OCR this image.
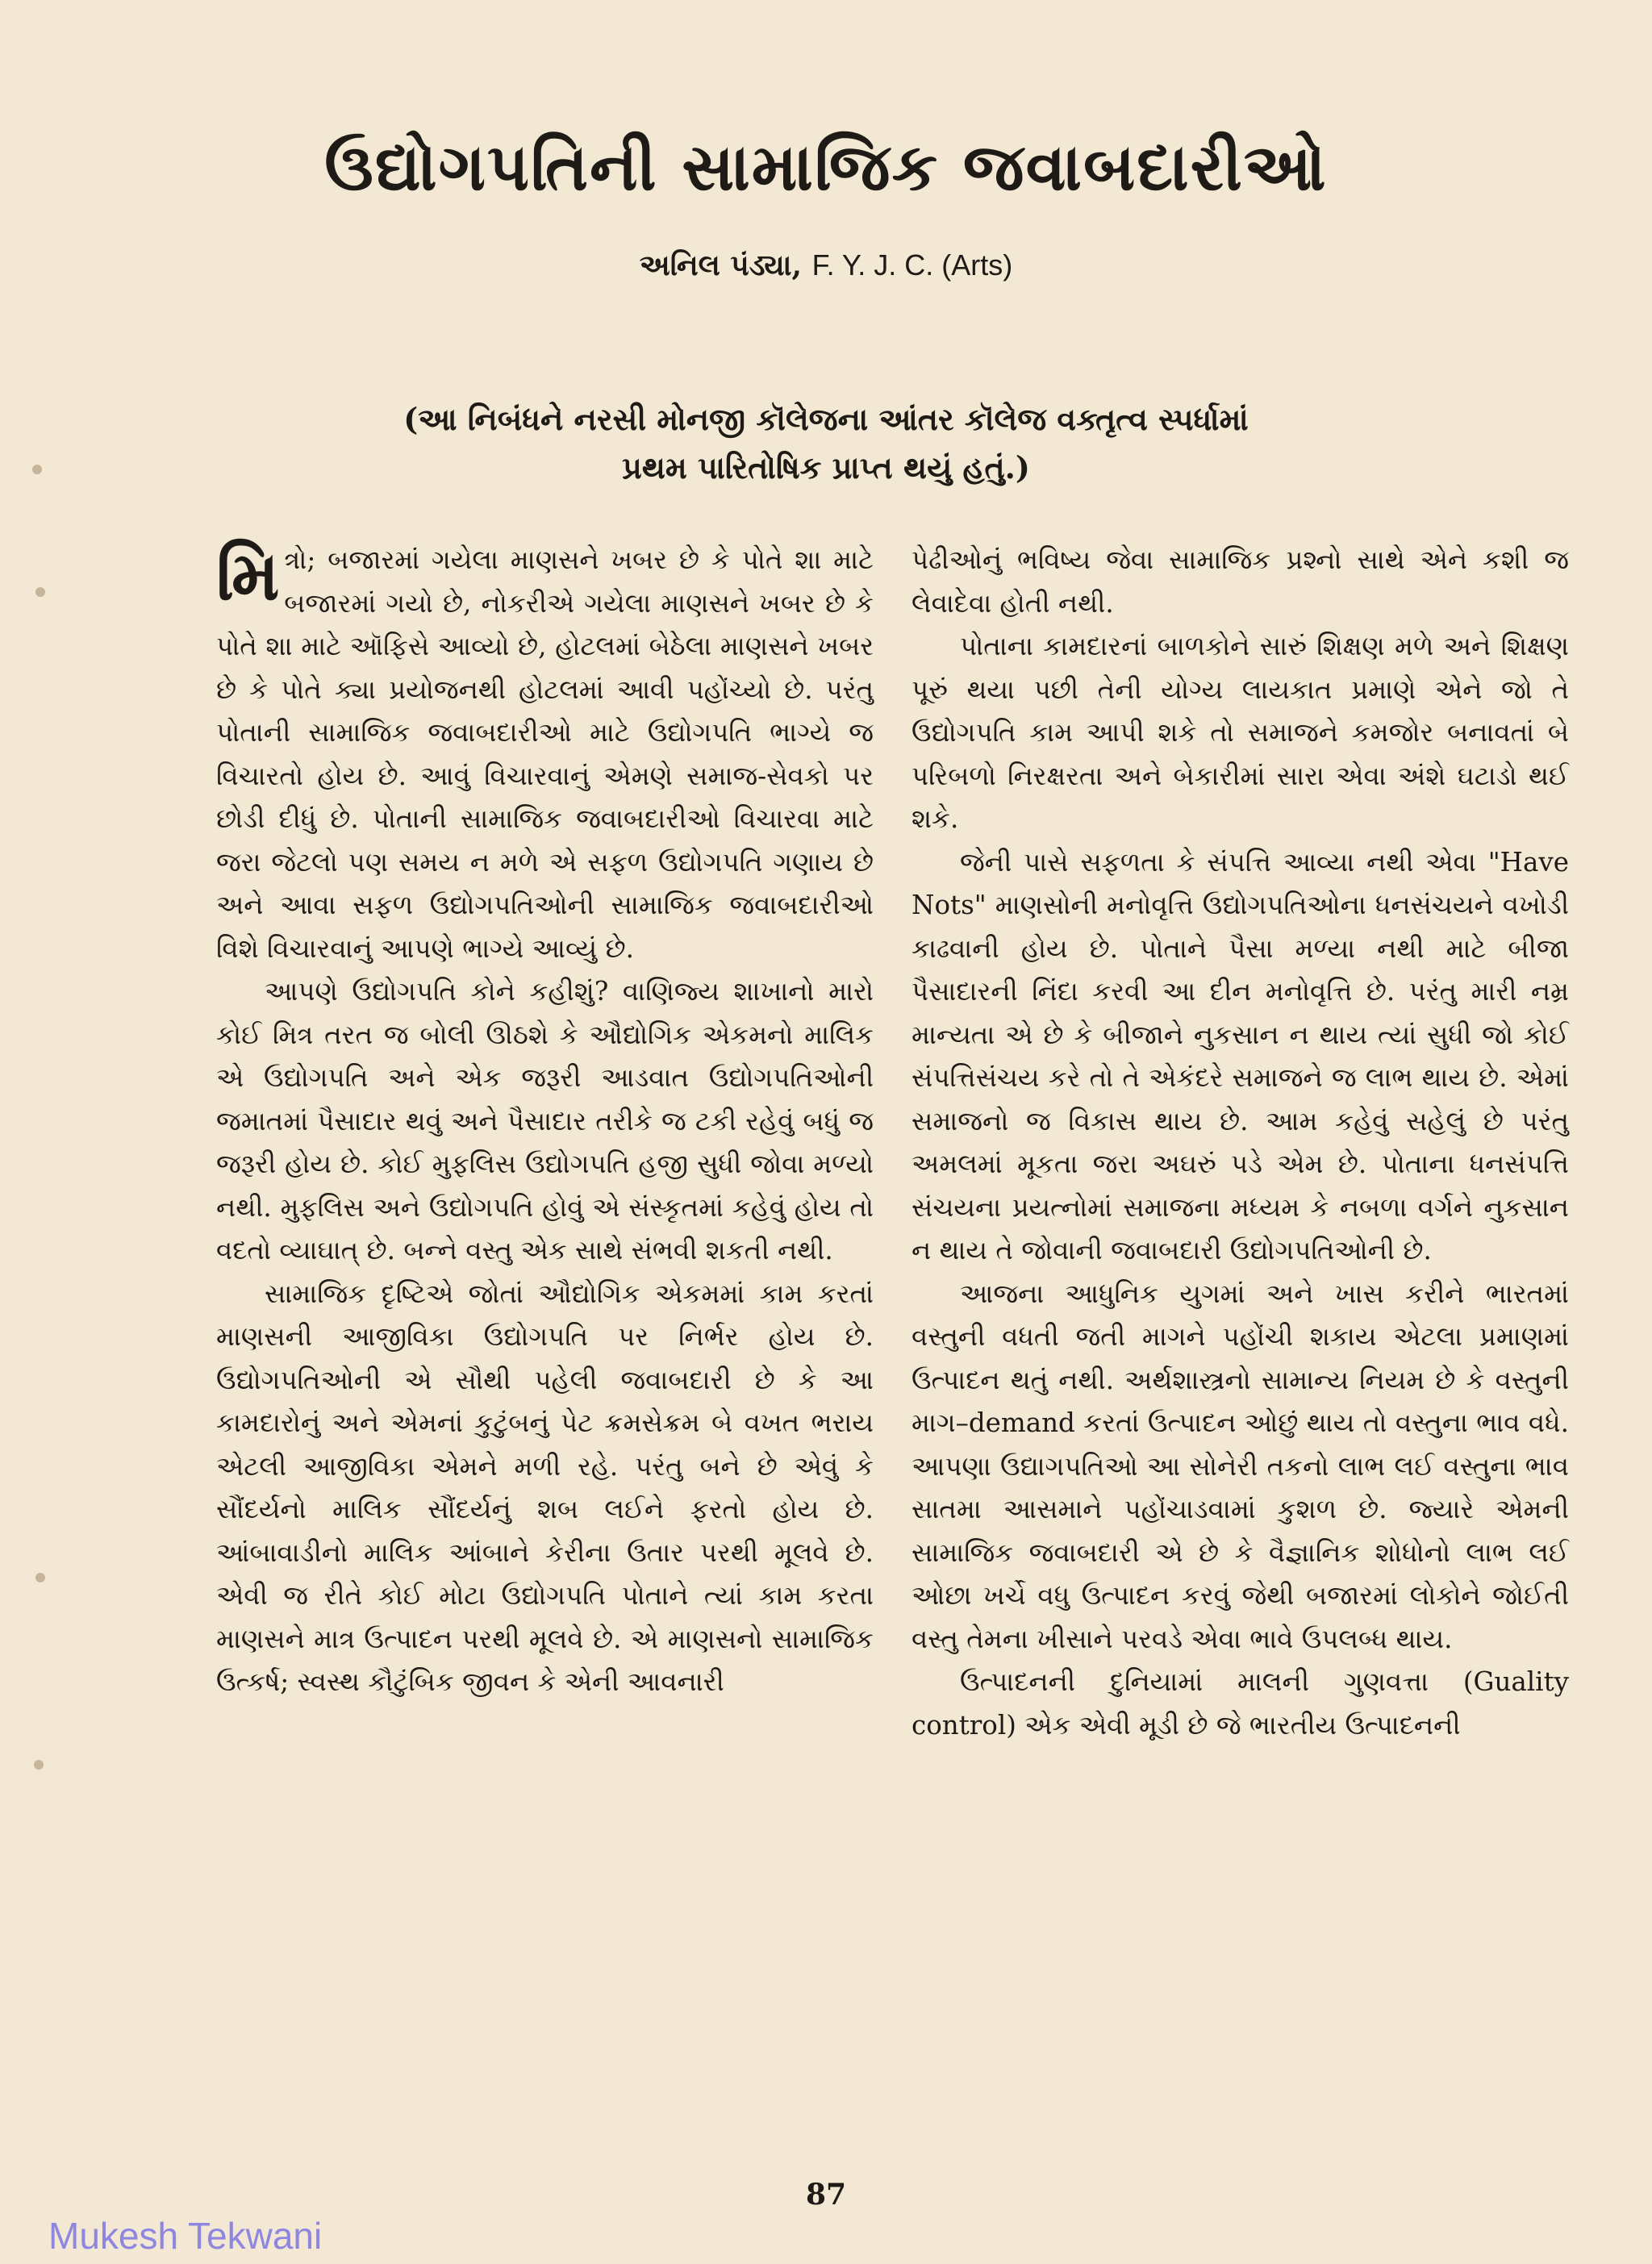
ઉદ્યોગપતિની સામાજિક જવાબદારીઓ
અનિલ પંડ્યા, F. Y. J. C. (Arts)
(આ નિબંધને નરસી મોનજી કૉલેજના આંતર કૉલેજ વક્તૃત્વ સ્પર્ધામાં
પ્રથમ પારિતોષિક પ્રાપ્ત થયું હતું.)

મિત્રો; બજારમાં ગયેલા માણસને ખબર છે કે પોતે શા માટે બજારમાં ગયો છે, નોકરીએ ગયેલા માણસને ખબર છે કે પોતે શા માટે ઑફિસે આવ્યો છે, હોટલમાં બેઠેલા માણસને ખબર છે કે પોતે ક્યા પ્રયોજનથી હોટલમાં આવી પહોંચ્યો છે. પરંતુ પોતાની સામાજિક જવાબદારીઓ માટે ઉદ્યોગપતિ ભાગ્યે જ વિચારતો હોય છે. આવું વિચારવાનું એમણે સમાજ-સેવકો પર છોડી દીધું છે. પોતાની સામાજિક જવાબદારીઓ વિચારવા માટે જરા જેટલો પણ સમય ન મળે એ સફળ ઉદ્યોગપતિ ગણાય છે અને આવા સફળ ઉદ્યોગપતિઓની સામાજિક જવાબદારીઓ વિશે વિચારવાનું આપણે ભાગ્યે આવ્યું છે.

આપણે ઉદ્યોગપતિ કોને કહીશું? વાણિજ્ય શાખાનો મારો કોઈ મિત્ર તરત જ બોલી ઊઠશે કે ઔદ્યોગિક એકમનો માલિક એ ઉદ્યોગપતિ અને એક જરૂરી આડવાત ઉદ્યોગપતિઓની જમાતમાં પૈસાદાર થવું અને પૈસાદાર તરીકે જ ટકી રહેવું બધું જ જરૂરી હોય છે. કોઈ મુફલિસ ઉદ્યોગપતિ હજી સુધી જોવા મળ્યો નથી. મુફલિસ અને ઉદ્યોગપતિ હોવું એ સંસ્કૃતમાં કહેવું હોય તો વદતો વ્યાઘાત્ છે. બન્ને વસ્તુ એક સાથે સંભવી શકતી નથી.

સામાજિક દૃષ્ટિએ જોતાં ઔદ્યોગિક એકમમાં કામ કરતાં માણસની આજીવિકા ઉદ્યોગપતિ પર નિર્ભર હોય છે. ઉદ્યોગપતિઓની એ સૌથી પહેલી જવાબદારી છે કે આ કામદારોનું અને એમનાં કુટુંબનું પેટ ક્રમસેક્રમ બે વખત ભરાય એટલી આજીવિકા એમને મળી રહે. પરંતુ બને છે એવું કે સૌંદર્યનો માલિક સૌંદર્યનું શબ લઈને ફરતો હોય છે. આંબાવાડીનો માલિક આંબાને કેરીના ઉતાર પરથી મૂલવે છે. એવી જ રીતે કોઈ મોટા ઉદ્યોગપતિ પોતાને ત્યાં કામ કરતા માણસને માત્ર ઉત્પાદન પરથી મૂલવે છે. એ માણસનો સામાજિક ઉત્કર્ષ; સ્વસ્થ કૌટુંબિક જીવન કે એની આવનારી

પેઢીઓનું ભવિષ્ય જેવા સામાજિક પ્રશ્નો સાથે એને કશી જ લેવાદેવા હોતી નથી.

પોતાના કામદારનાં બાળકોને સારું શિક્ષણ મળે અને શિક્ષણ પૂરું થયા પછી તેની યોગ્ય લાયકાત પ્રમાણે એને જો તે ઉદ્યોગપતિ કામ આપી શકે તો સમાજને કમજોર બનાવતાં બે પરિબળો નિરક્ષરતા અને બેકારીમાં સારા એવા અંશે ઘટાડો થઈ શકે.

જેની પાસે સફળતા કે સંપત્તિ આવ્યા નથી એવા "Have Nots" માણસોની મનોવૃત્તિ ઉદ્યોગપતિઓના ધનસંચયને વખોડી કાઢવાની હોય છે. પોતાને પૈસા મળ્યા નથી માટે બીજા પૈસાદારની નિંદા કરવી આ દીન મનોવૃત્તિ છે. પરંતુ મારી નમ્ર માન્યતા એ છે કે બીજાને નુકસાન ન થાય ત્યાં સુધી જો કોઈ સંપત્તિસંચય કરે તો તે એકંદરે સમાજને જ લાભ થાય છે. એમાં સમાજનો જ વિકાસ થાય છે. આમ કહેવું સહેલું છે પરંતુ અમલમાં મૂકતા જરા અઘરું પડે એમ છે. પોતાના ધનસંપત્તિ સંચયના પ્રયત્નોમાં સમાજના મધ્યમ કે નબળા વર્ગને નુકસાન ન થાય તે જોવાની જવાબદારી ઉદ્યોગપતિઓની છે.

આજના આધુનિક યુગમાં અને ખાસ કરીને ભારતમાં વસ્તુની વધતી જતી માગને પહોંચી શકાય એટલા પ્રમાણમાં ઉત્પાદન થતું નથી. અર્થશાસ્ત્રનો સામાન્ય નિયમ છે કે વસ્તુની માગ–demand કરતાં ઉત્પાદન ઓછું થાય તો વસ્તુના ભાવ વધે. આપણા ઉદ્યાગપતિઓ આ સોનેરી તકનો લાભ લઈ વસ્તુના ભાવ સાતમા આસમાને પહોંચાડવામાં કુશળ છે. જ્યારે એમની સામાજિક જવાબદારી એ છે કે વૈજ્ઞાનિક શોધોનો લાભ લઈ ઓછા ખર્ચે વધુ ઉત્પાદન કરવું જેથી બજારમાં લોકોને જોઈતી વસ્તુ તેમના ખીસાને પરવડે એવા ભાવે ઉપલબ્ધ થાય.

ઉત્પાદનની દુનિયામાં માલની ગુણવત્તા (Guality control) એક એવી મૂડી છે જે ભારતીય ઉત્પાદનની

87
Mukesh Tekwani
